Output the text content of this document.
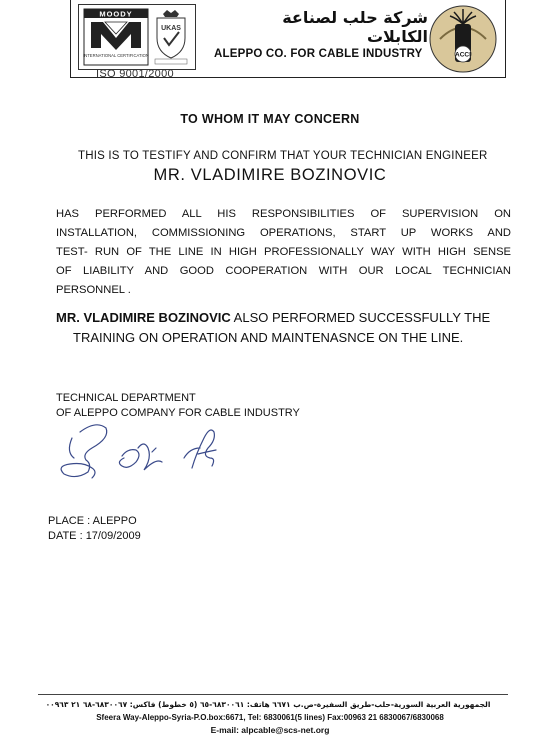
MOODY
INTERNATIONAL CERTIFICATION
UKAS
ISO 9001/2000
شركة حلب لصناعة الكابلات
ALEPPO CO. FOR CABLE INDUSTRY	ACCI
TO WHOM IT MAY CONCERN
THIS IS TO TESTIFY AND CONFIRM THAT YOUR TECHNICIAN ENGINEER
MR. VLADIMIRE BOZINOVIC
HAS PERFORMED ALL HIS RESPONSIBILITIES OF SUPERVISION ON
INSTALLATION, COMMISSIONING OPERATIONS, START UP WORKS AND
TEST- RUN OF THE LINE IN HIGH PROFESSIONALLY WAY WITH HIGH SENSE
OF LIABILITY AND GOOD COOPERATION WITH OUR LOCAL TECHNICIAN
PERSONNEL .
MR. VLADIMIRE BOZINOVIC ALSO PERFORMED SUCCESSFULLY THE
TRAINING ON OPERATION AND MAINTENASNCE ON THE LINE.
TECHNICAL DEPARTMENT
OF ALEPPO COMPANY FOR CABLE INDUSTRY
PLACE : ALEPPO
DATE : 17/09/2009
الجمهورية العربية السورية-حلب-طريق السفيرة-ص.ب ٦٦٧١ هاتف: ٦٨٣٠٠٦١-٦٥ (٥ خطوط) فاكس: ٦٨٣٠٠٦٧-٦٨ ٢١ ٠٠٩٦٣
Sfeera Way-Aleppo-Syria-P.O.box:6671, Tel: 6830061(5 lines) Fax:00963 21 6830067/6830068
E-mail: alpcable@scs-net.org
